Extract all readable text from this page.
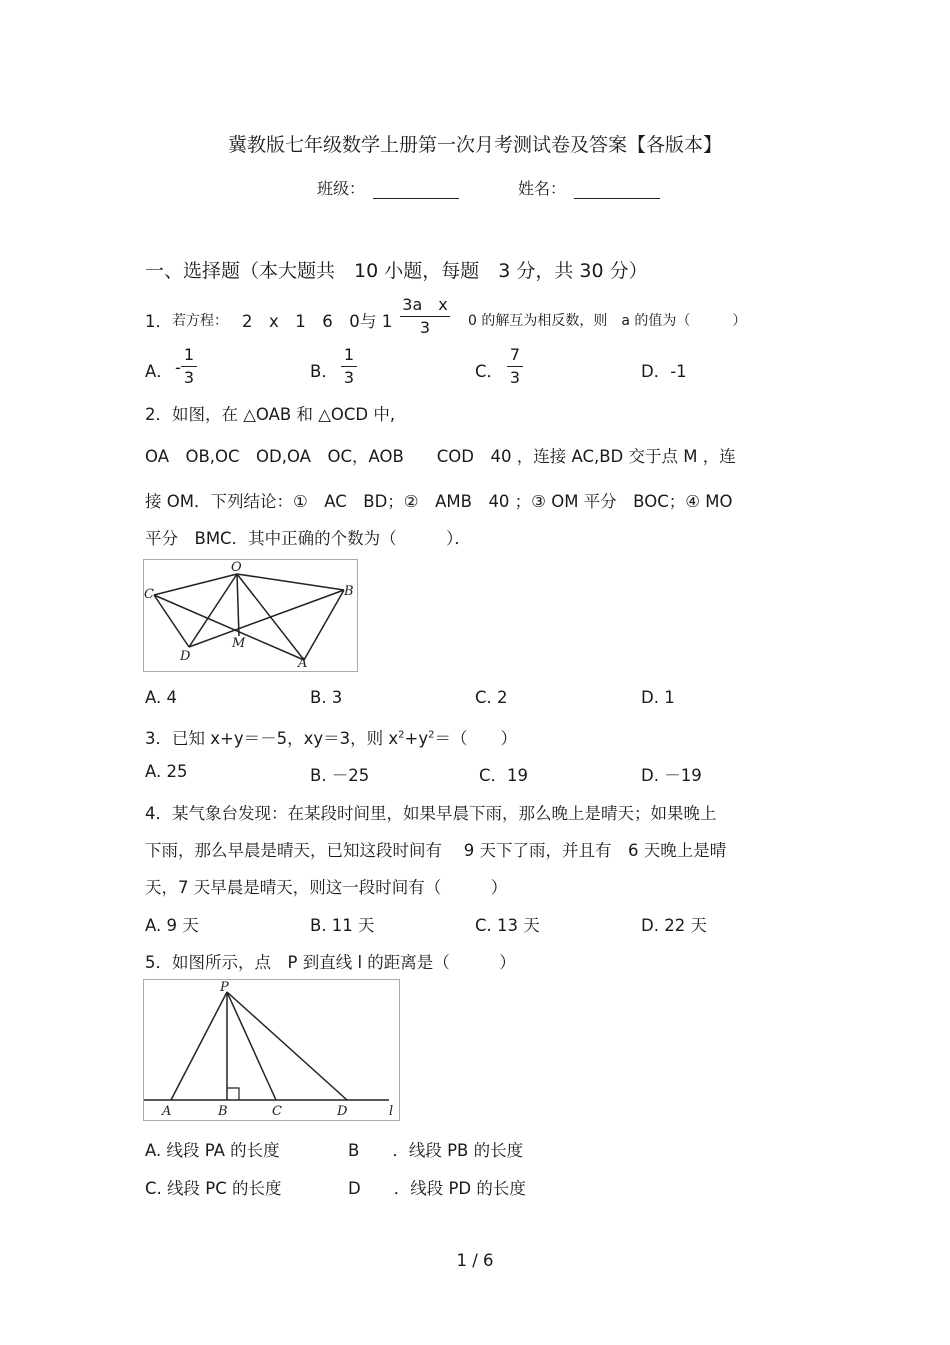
冀教版七年级数学上册第一次月考测试卷及答案【各版本】
班级：	姓名：
一、选择题（本大题共　10 小题，每题　3 分，共 30 分）
1． 若方程： 2　x　1　6　0 与 1
3a　x
3	0 的解互为相反数，则　a 的值为（　　　）
A． -
1
3	B．
1
3	C．
7
3	D．-1
2．如图，在 △OAB 和 △OCD 中,
OA　OB,OC　OD,OA　OC，AOB　　COD　40 ，连接 AC,BD 交于点 M ，连
接 OM．下列结论：①　AC　BD；②　AMB　40 ；③ OM 平分　BOC；④ MO
平分　BMC．其中正确的个数为（　　　）．
O
C	B
M
D	A
A. 4	B. 3	C. 2	D. 1
3．已知 x+y＝－5，xy＝3，则 $x^2+y^2=$（　　）
A. 25	B. －25	C．19	D. －19
4．某气象台发现：在某段时间里，如果早晨下雨，那么晚上是晴天；如果晚上
下雨，那么早晨是晴天，已知这段时间有　 9 天下了雨，并且有　6 天晚上是晴
天，7 天早晨是晴天，则这一段时间有（　　　）
A. 9 天	B. 11 天	C. 13 天	D. 22 天
5．如图所示，点　P 到直线 l 的距离是（　　　）
P
A	B	C	D	l
A. 线段 PA 的长度	B　　．线段 PB 的长度
C. 线段 PC 的长度	D　　．线段 PD 的长度
1 / 6
